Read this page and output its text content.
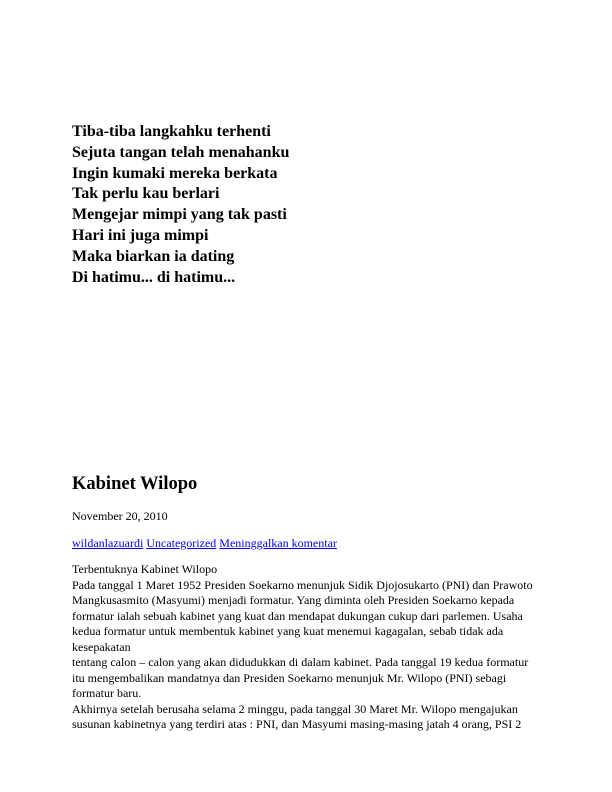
Tiba-tiba langkahku terhenti
Sejuta tangan telah menahanku
Ingin kumaki mereka berkata
Tak perlu kau berlari
Mengejar mimpi yang tak pasti
Hari ini juga mimpi
Maka biarkan ia dating
Di hatimu... di hatimu...
Kabinet Wilopo
November 20, 2010
wildanlazuardi Uncategorized Meninggalkan komentar
Terbentuknya Kabinet Wilopo
Pada tanggal 1 Maret 1952 Presiden Soekarno menunjuk Sidik Djojosukarto (PNI) dan Prawoto
Mangkusasmito (Masyumi) menjadi formatur. Yang diminta oleh Presiden Soekarno kepada
formatur ialah sebuah kabinet yang kuat dan mendapat dukungan cukup dari parlemen. Usaha
kedua formatur untuk membentuk kabinet yang kuat menemui kagagalan, sebab tidak ada
kesepakatan
tentang calon – calon yang akan didudukkan di dalam kabinet. Pada tanggal 19 kedua formatur
itu mengembalikan mandatnya dan Presiden Soekarno menunjuk Mr. Wilopo (PNI) sebagi
formatur baru.
Akhirnya setelah berusaha selama 2 minggu, pada tanggal 30 Maret Mr. Wilopo mengajukan
susunan kabinetnya yang terdiri atas : PNI, dan Masyumi masing-masing jatah 4 orang, PSI 2
